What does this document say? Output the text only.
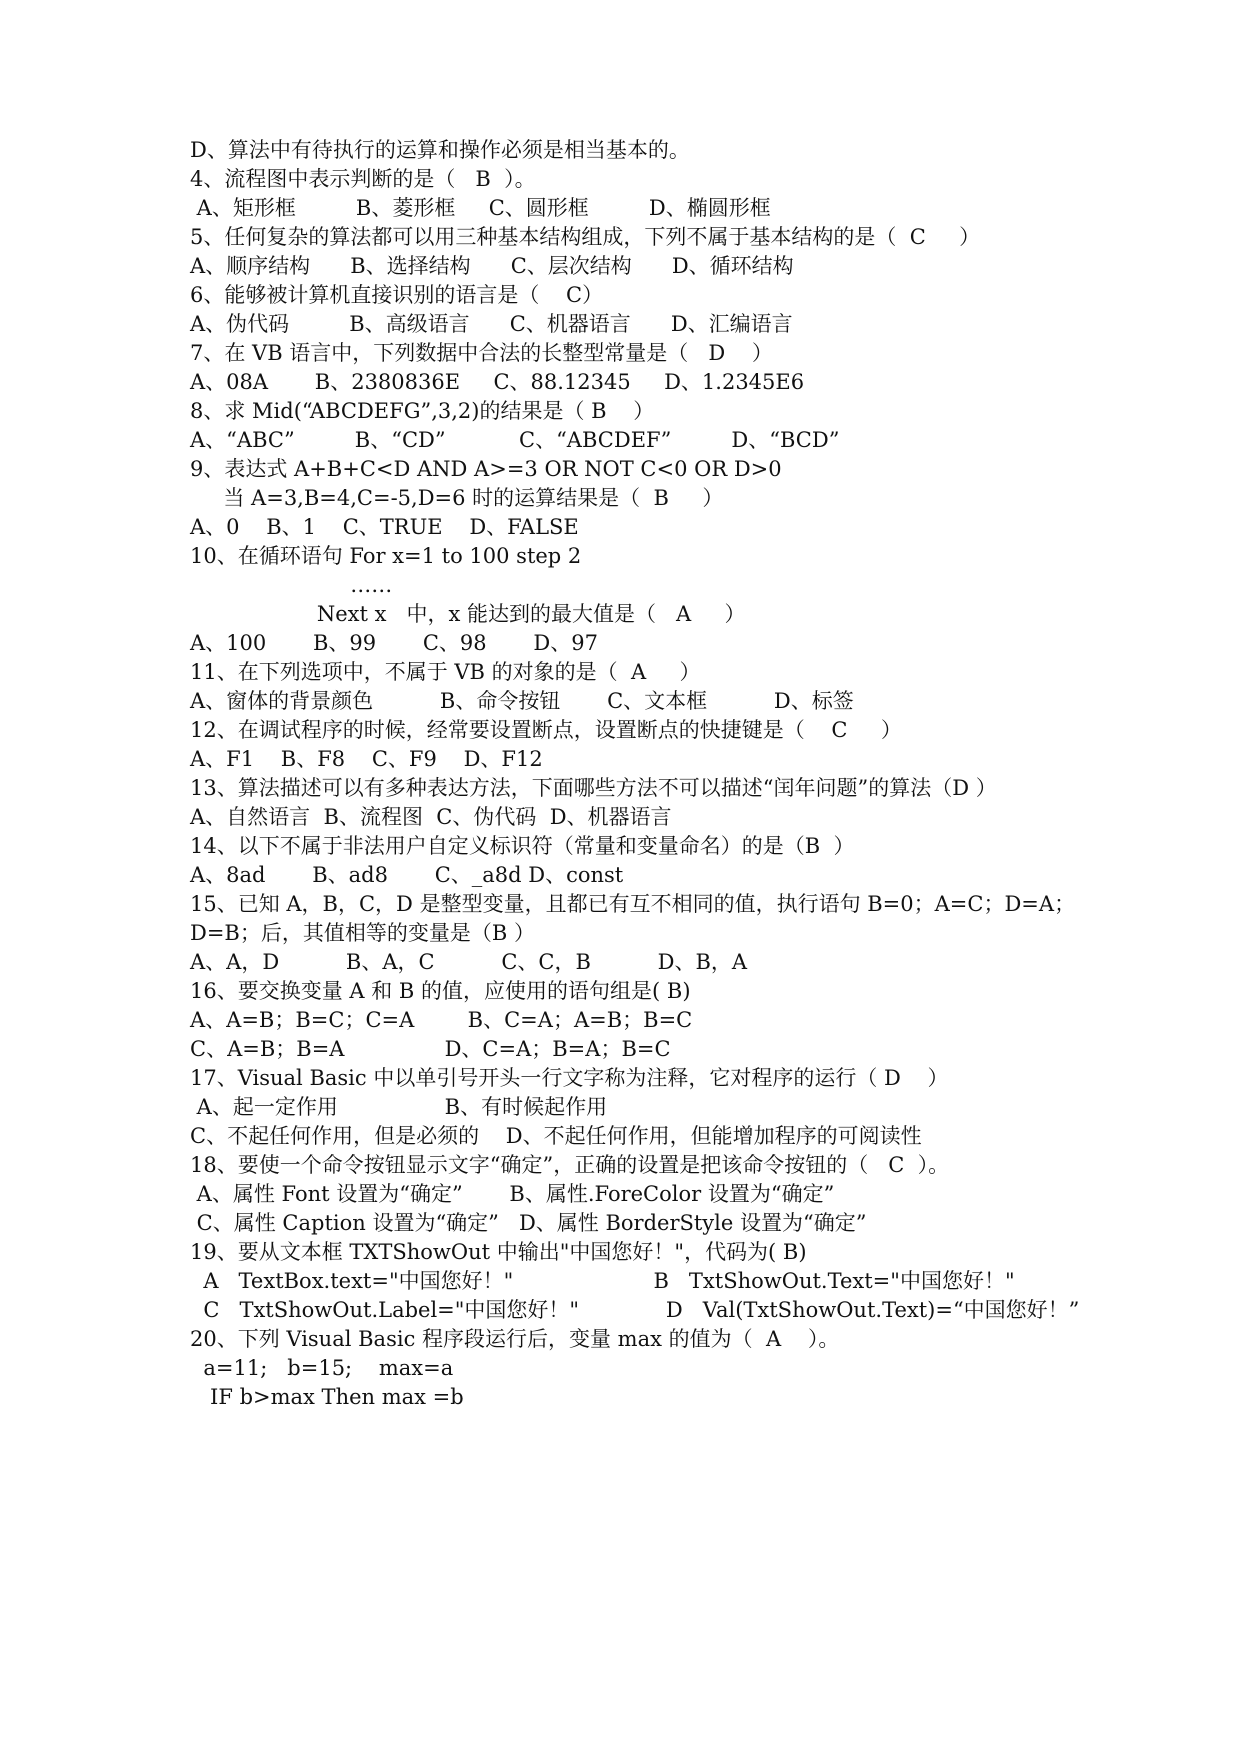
D、算法中有待执行的运算和操作必须是相当基本的。
4、流程图中表示判断的是（   B  ）。
A、矩形框         B、菱形框     C、圆形框         D、椭圆形框
5、任何复杂的算法都可以用三种基本结构组成，下列不属于基本结构的是（  C     ）
A、顺序结构      B、选择结构      C、层次结构      D、循环结构
6、能够被计算机直接识别的语言是（    C）
A、伪代码         B、高级语言      C、机器语言      D、汇编语言
7、在 VB 语言中，下列数据中合法的长整型常量是（   D    ）
A、08A       B、2380836E     C、88.12345     D、1.2345E6
8、求 Mid(“ABCDEFG”,3,2)的结果是（ B    ）
A、“ABC”         B、“CD”           C、“ABCDEF”         D、“BCD”
9、表达式 A+B+C<D AND A>=3 OR NOT C<0 OR D>0
当 A=3,B=4,C=-5,D=6 时的运算结果是（  B     ）
A、0    B、1    C、TRUE    D、FALSE
10、在循环语句 For x=1 to 100 step 2
……
Next x   中，x 能达到的最大值是（   A     ）
A、100       B、99       C、98       D、97
11、在下列选项中，不属于 VB 的对象的是（  A     ）
A、窗体的背景颜色          B、命令按钮       C、文本框          D、标签
12、在调试程序的时候，经常要设置断点，设置断点的快捷键是（    C     ）
A、F1    B、F8    C、F9    D、F12
13、算法描述可以有多种表达方法，下面哪些方法不可以描述“闰年问题”的算法（D ）
A、自然语言  B、流程图  C、伪代码  D、机器语言
14、以下不属于非法用户自定义标识符（常量和变量命名）的是（B  ）
A、8ad       B、ad8       C、_a8d D、const
15、已知 A，B，C，D 是整型变量，且都已有互不相同的值，执行语句 B=0；A=C；D=A；
D=B；后，其值相等的变量是（B ）
A、A，D          B、A，C          C、C，B          D、B，A
16、要交换变量 A 和 B 的值，应使用的语句组是( B)
A、A=B；B=C；C=A        B、C=A；A=B；B=C
C、A=B；B=A               D、C=A；B=A；B=C
17、Visual Basic 中以单引号开头一行文字称为注释，它对程序的运行（ D    ）
A、起一定作用                B、有时候起作用
C、不起任何作用，但是必须的    D、不起任何作用，但能增加程序的可阅读性
18、要使一个命令按钮显示文字“确定”，正确的设置是把该命令按钮的（   C  ）。
A、属性 Font 设置为“确定”       B、属性.ForeColor 设置为“确定”
C、属性 Caption 设置为“确定”   D、属性 BorderStyle 设置为“确定”
19、要从文本框 TXTShowOut 中输出"中国您好！"，代码为( B)
A   TextBox.text="中国您好！"                     B   TxtShowOut.Text="中国您好！"
C   TxtShowOut.Label="中国您好！"             D   Val(TxtShowOut.Text)=“中国您好！”
20、下列 Visual Basic 程序段运行后，变量 max 的值为（  A    ）。
a=11;   b=15;    max=a
IF b>max Then max =b
